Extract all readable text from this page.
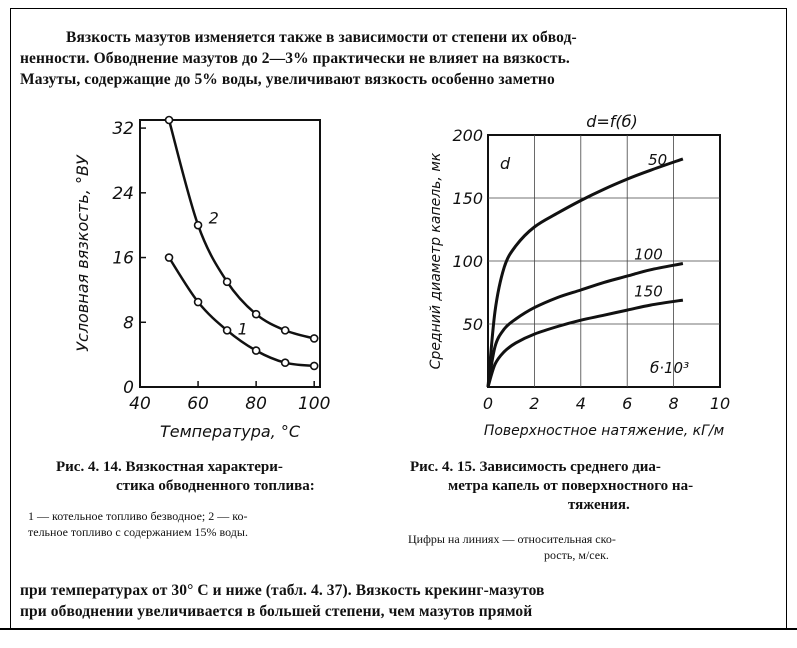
Вязкость мазутов изменяется также в зависимости от степени их обвод-
ненности. Обводнение мазутов до 2—3% практически не влияет на вязкость.
Мазуты, содержащие до 5% воды, увеличивают вязкость особенно заметно
0
8
16
24
32
40 60 80 100
Температура, °С
Условная вязкость, °ВУ	1
2
0 2 4 6 8 10
50
100
150
200
d=f(б)
d
б·10³
Поверхностное натяжение, кГ/м
Средний диаметр капель, мк	50
100
150
Рис. 4. 14. Вязкостная характери-
стика обводненного топлива:
1 — котельное топливо безводное; 2 — ко-
тельное топливо с содержанием 15% воды.
Рис. 4. 15. Зависимость среднего диа-
метра капель от поверхностного на-
тяжения.
Цифры на линиях — относительная ско-
рость, м/сек.
при температурах от 30° С и ниже (табл. 4. 37). Вязкость крекинг-мазутов
при обводнении увеличивается в большей степени, чем мазутов прямой
